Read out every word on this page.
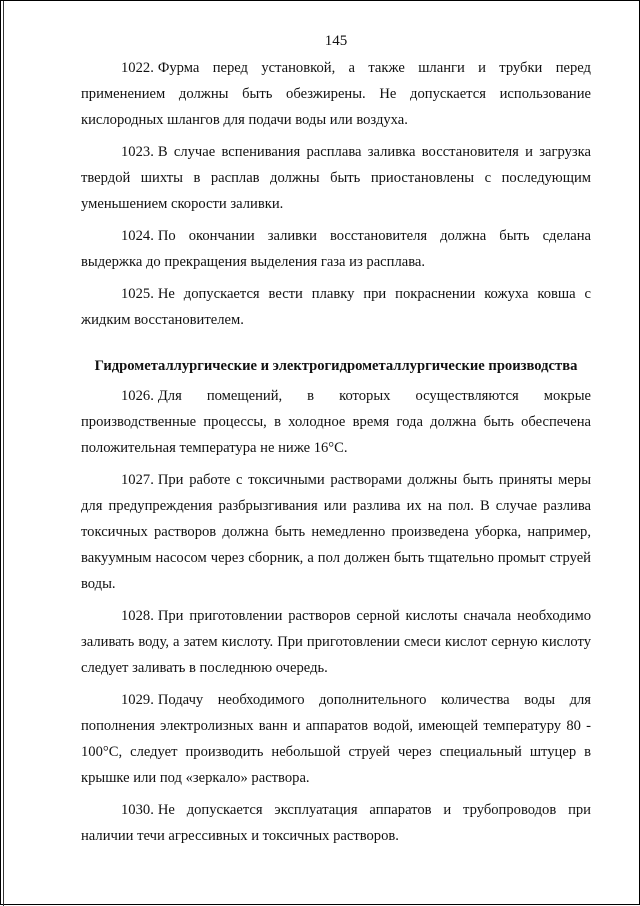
145

1022. Фурма перед установкой, а также шланги и трубки перед применением должны быть обезжирены. Не допускается использование кислородных шлангов для подачи воды или воздуха.

1023. В случае вспенивания расплава заливка восстановителя и загрузка твердой шихты в расплав должны быть приостановлены с последующим уменьшением скорости заливки.

1024. По окончании заливки восстановителя должна быть сделана выдержка до прекращения выделения газа из расплава.

1025. Не допускается вести плавку при покраснении кожуха ковша с жидким восстановителем.

Гидрометаллургические и электрогидрометаллургические производства

1026. Для помещений, в которых осуществляются мокрые производственные процессы, в холодное время года должна быть обеспечена положительная температура не ниже 16°С.

1027. При работе с токсичными растворами должны быть приняты меры для предупреждения разбрызгивания или разлива их на пол. В случае разлива токсичных растворов должна быть немедленно произведена уборка, например, вакуумным насосом через сборник, а пол должен быть тщательно промыт струей воды.

1028. При приготовлении растворов серной кислоты сначала необходимо заливать воду, а затем кислоту. При приготовлении смеси кислот серную кислоту следует заливать в последнюю очередь.

1029. Подачу необходимого дополнительного количества воды для пополнения электролизных ванн и аппаратов водой, имеющей температуру 80 - 100°С, следует производить небольшой струей через специальный штуцер в крышке или под «зеркало» раствора.

1030. Не допускается эксплуатация аппаратов и трубопроводов при наличии течи агрессивных и токсичных растворов.
